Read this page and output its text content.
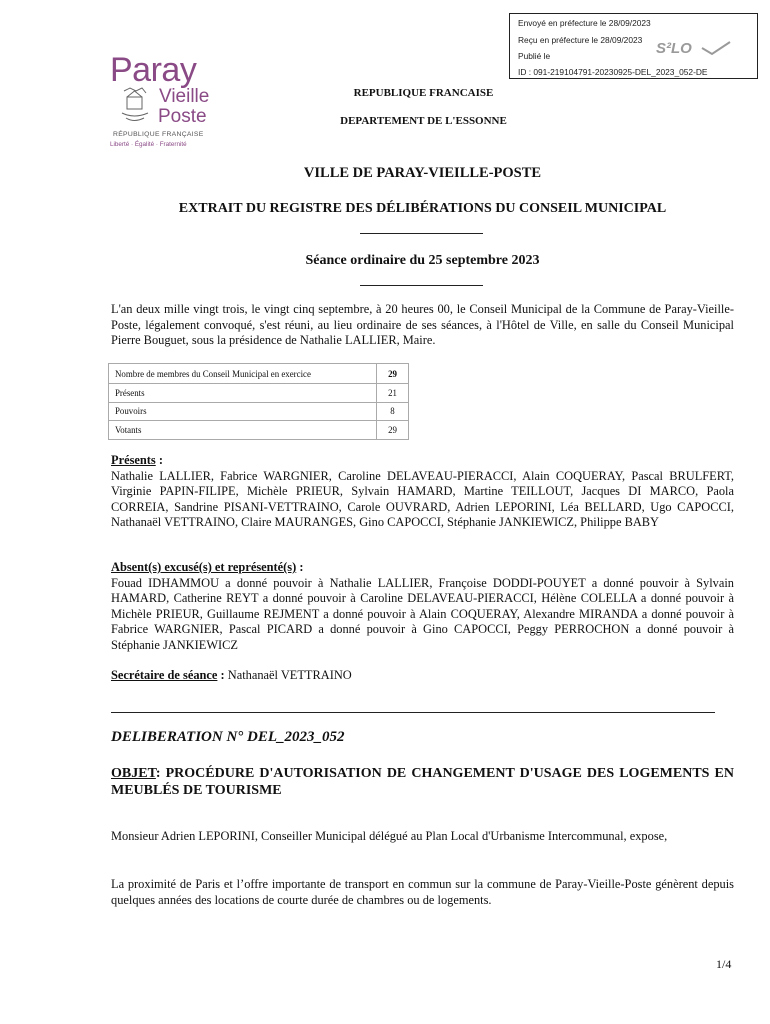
Envoyé en préfecture le 28/09/2023
Reçu en préfecture le 28/09/2023
Publié le
ID : 091-219104791-20230925-DEL_2023_052-DE
S²LO
Paray
Vieille
Poste
RÉPUBLIQUE FRANÇAISE
Liberté · Égalité · Fraternité
REPUBLIQUE FRANCAISE
DEPARTEMENT DE L'ESSONNE
VILLE DE PARAY-VIEILLE-POSTE
EXTRAIT DU REGISTRE DES DÉLIBÉRATIONS DU CONSEIL MUNICIPAL
Séance ordinaire du 25 septembre 2023
L'an deux mille vingt trois, le vingt cinq septembre, à 20 heures 00, le Conseil Municipal de la Commune de Paray-Vieille-Poste, légalement convoqué, s'est réuni, au lieu ordinaire de ses séances, à l'Hôtel de Ville, en salle du Conseil Municipal Pierre Bouguet, sous la présidence de Nathalie LALLIER, Maire.
Nombre de membres du Conseil Municipal en exercice	29
Présents	21
Pouvoirs	8
Votants	29
Présents :
Nathalie LALLIER, Fabrice WARGNIER, Caroline DELAVEAU-PIERACCI, Alain COQUERAY, Pascal BRULFERT, Virginie PAPIN-FILIPE, Michèle PRIEUR, Sylvain HAMARD, Martine TEILLOUT, Jacques DI MARCO, Paola CORREIA, Sandrine PISANI-VETTRAINO, Carole OUVRARD, Adrien LEPORINI, Léa BELLARD, Ugo CAPOCCI, Nathanaël VETTRAINO, Claire MAURANGES, Gino CAPOCCI, Stéphanie JANKIEWICZ, Philippe BABY
Absent(s) excusé(s) et représenté(s) :
Fouad IDHAMMOU a donné pouvoir à Nathalie LALLIER, Françoise DODDI-POUYET a donné pouvoir à Sylvain HAMARD, Catherine REYT a donné pouvoir à Caroline DELAVEAU-PIERACCI, Hélène COLELLA a donné pouvoir à Michèle PRIEUR, Guillaume REJMENT a donné pouvoir à Alain COQUERAY, Alexandre MIRANDA a donné pouvoir à Fabrice WARGNIER, Pascal PICARD a donné pouvoir à Gino CAPOCCI, Peggy PERROCHON a donné pouvoir à Stéphanie JANKIEWICZ
Secrétaire de séance : Nathanaël VETTRAINO
DELIBERATION N° DEL_2023_052
OBJET: PROCÉDURE D'AUTORISATION DE CHANGEMENT D'USAGE DES LOGEMENTS EN MEUBLÉS DE TOURISME
Monsieur Adrien LEPORINI, Conseiller Municipal délégué au Plan Local d'Urbanisme Intercommunal, expose,
La proximité de Paris et l’offre importante de transport en commun sur la commune de Paray-Vieille-Poste génèrent depuis quelques années des locations de courte durée de chambres ou de logements.
1/4
